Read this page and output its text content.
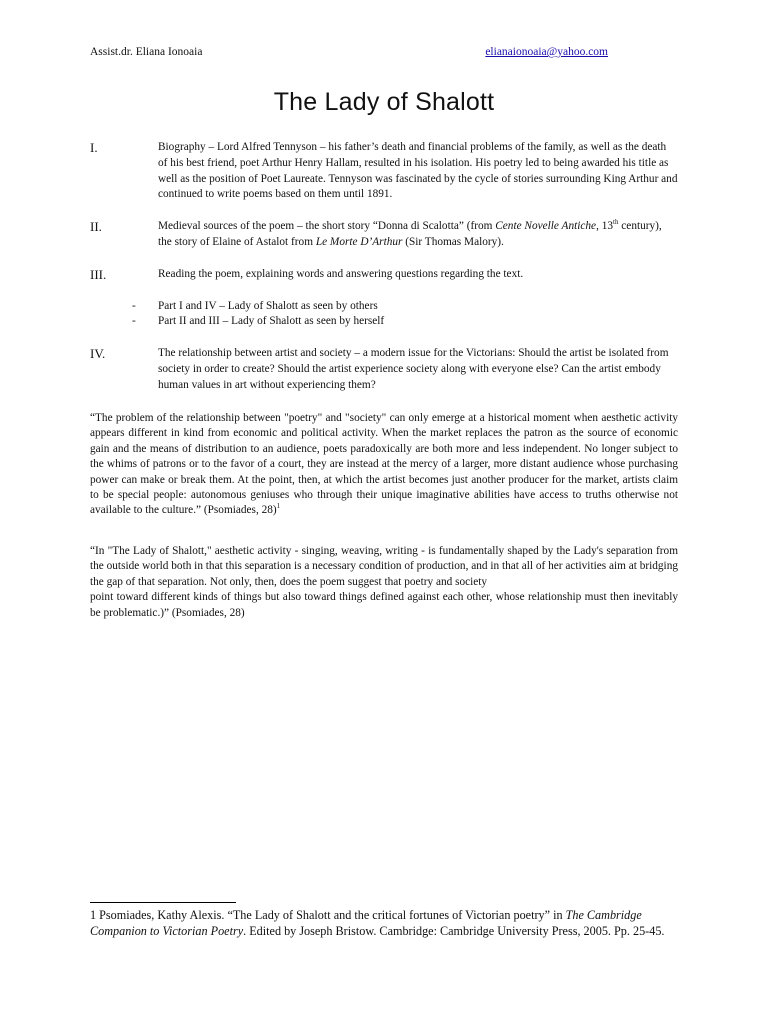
Assist.dr. Eliana Ionoaia	elianaionoaia@yahoo.com
The Lady of Shalott
I.	Biography – Lord Alfred Tennyson – his father’s death and financial problems of the family, as well as the death of his best friend, poet Arthur Henry Hallam, resulted in his isolation. His poetry led to being awarded his title as well as the position of Poet Laureate. Tennyson was fascinated by the cycle of stories surrounding King Arthur and continued to write poems based on them until 1891.
II.	Medieval sources of the poem – the short story “Donna di Scalotta” (from Cente Novelle Antiche, 13th century), the story of Elaine of Astalot from Le Morte D’Arthur (Sir Thomas Malory).
III.	Reading the poem, explaining words and answering questions regarding the text.
-	Part I and IV – Lady of Shalott as seen by others
-	Part II and III – Lady of Shalott as seen by herself
IV.	The relationship between artist and society – a modern issue for the Victorians: Should the artist be isolated from society in order to create? Should the artist experience society along with everyone else? Can the artist embody human values in art without experiencing them?

“The problem of the relationship between "poetry" and "society" can only emerge at a historical moment when aesthetic activity appears different in kind from economic and political activity. When the market replaces the patron as the source of economic gain and the means of distribution to an audience, poets paradoxically are both more and less independent. No longer subject to the whims of patrons or to the favor of a court, they are instead at the mercy of a larger, more distant audience whose purchasing power can make or break them. At the point, then, at which the artist becomes just another producer for the market, artists claim to be special people: autonomous geniuses who through their unique imaginative abilities have access to truths otherwise not available to the culture.” (Psomiades, 28)$^1$

“In "The Lady of Shalott," aesthetic activity - singing, weaving, writing - is fundamentally shaped by the Lady's separation from the outside world both in that this separation is a necessary condition of production, and in that all of her activities aim at bridging the gap of that separation. Not only, then, does the poem suggest that poetry and society
point toward different kinds of things but also toward things defined against each other, whose relationship must then inevitably be problematic.)” (Psomiades, 28)

1 Psomiades, Kathy Alexis. “The Lady of Shalott and the critical fortunes of Victorian poetry” in The Cambridge Companion to Victorian Poetry. Edited by Joseph Bristow. Cambridge: Cambridge University Press, 2005. Pp. 25-45.
